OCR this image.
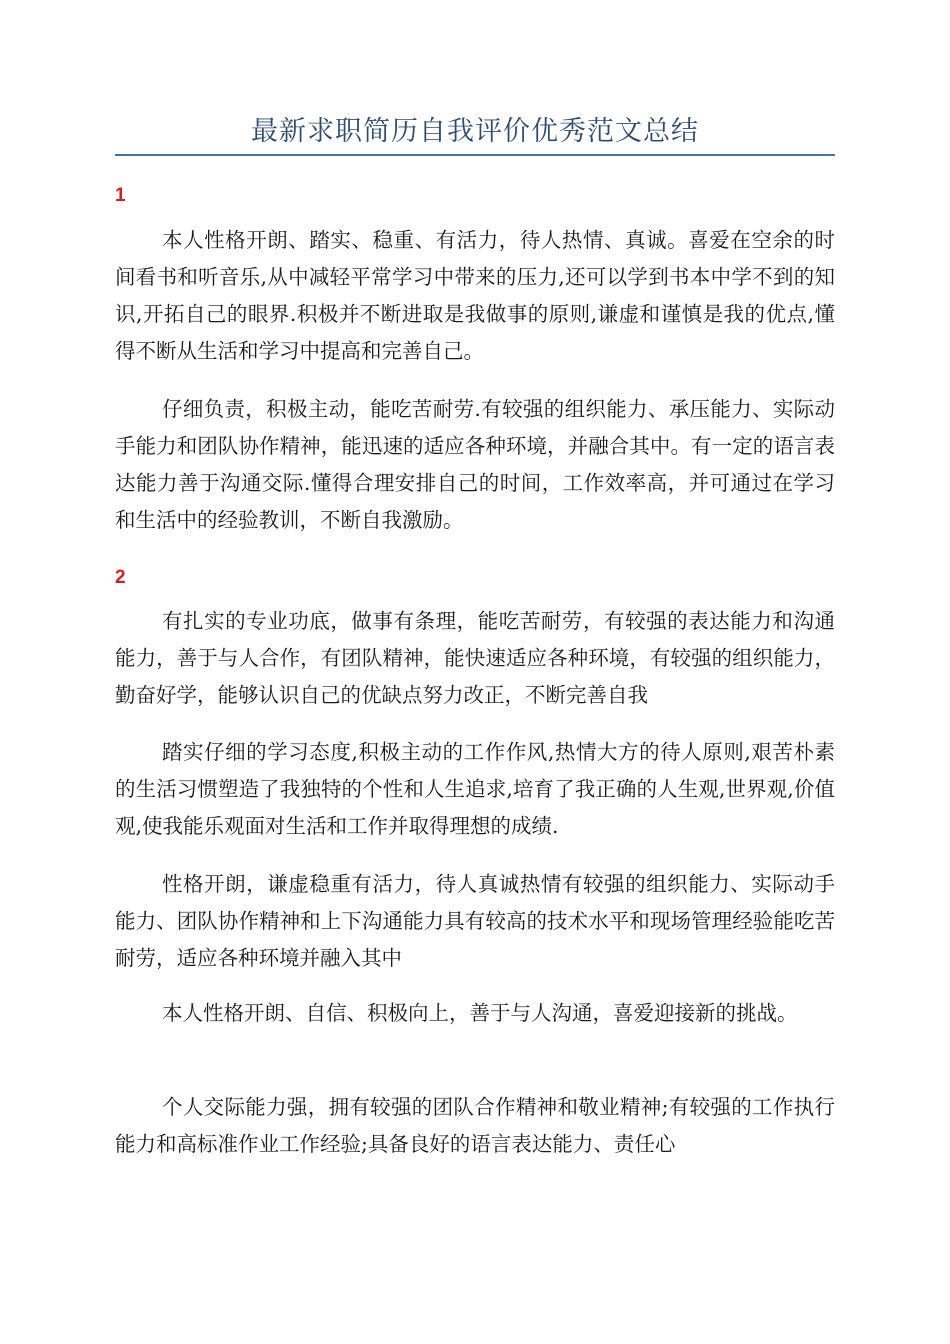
最新求职简历自我评价优秀范文总结
1

本人性格开朗、踏实、稳重、有活力，待人热情、真诚。喜爱在空余的时间看书和听音乐,从中减轻平常学习中带来的压力,还可以学到书本中学不到的知识,开拓自己的眼界.积极并不断进取是我做事的原则,谦虚和谨慎是我的优点,懂得不断从生活和学习中提高和完善自己。

仔细负责，积极主动，能吃苦耐劳.有较强的组织能力、承压能力、实际动手能力和团队协作精神，能迅速的适应各种环境，并融合其中。有一定的语言表达能力善于沟通交际.懂得合理安排自己的时间，工作效率高，并可通过在学习和生活中的经验教训，不断自我激励。

2

有扎实的专业功底，做事有条理，能吃苦耐劳，有较强的表达能力和沟通能力，善于与人合作，有团队精神，能快速适应各种环境，有较强的组织能力，勤奋好学，能够认识自己的优缺点努力改正，不断完善自我

踏实仔细的学习态度,积极主动的工作作风,热情大方的待人原则,艰苦朴素的生活习惯塑造了我独特的个性和人生追求,培育了我正确的人生观,世界观,价值观,使我能乐观面对生活和工作并取得理想的成绩.

性格开朗，谦虚稳重有活力，待人真诚热情有较强的组织能力、实际动手能力、团队协作精神和上下沟通能力具有较高的技术水平和现场管理经验能吃苦耐劳，适应各种环境并融入其中

本人性格开朗、自信、积极向上，善于与人沟通，喜爱迎接新的挑战。

个人交际能力强，拥有较强的团队合作精神和敬业精神;有较强的工作执行能力和高标准作业工作经验;具备良好的语言表达能力、责任心
